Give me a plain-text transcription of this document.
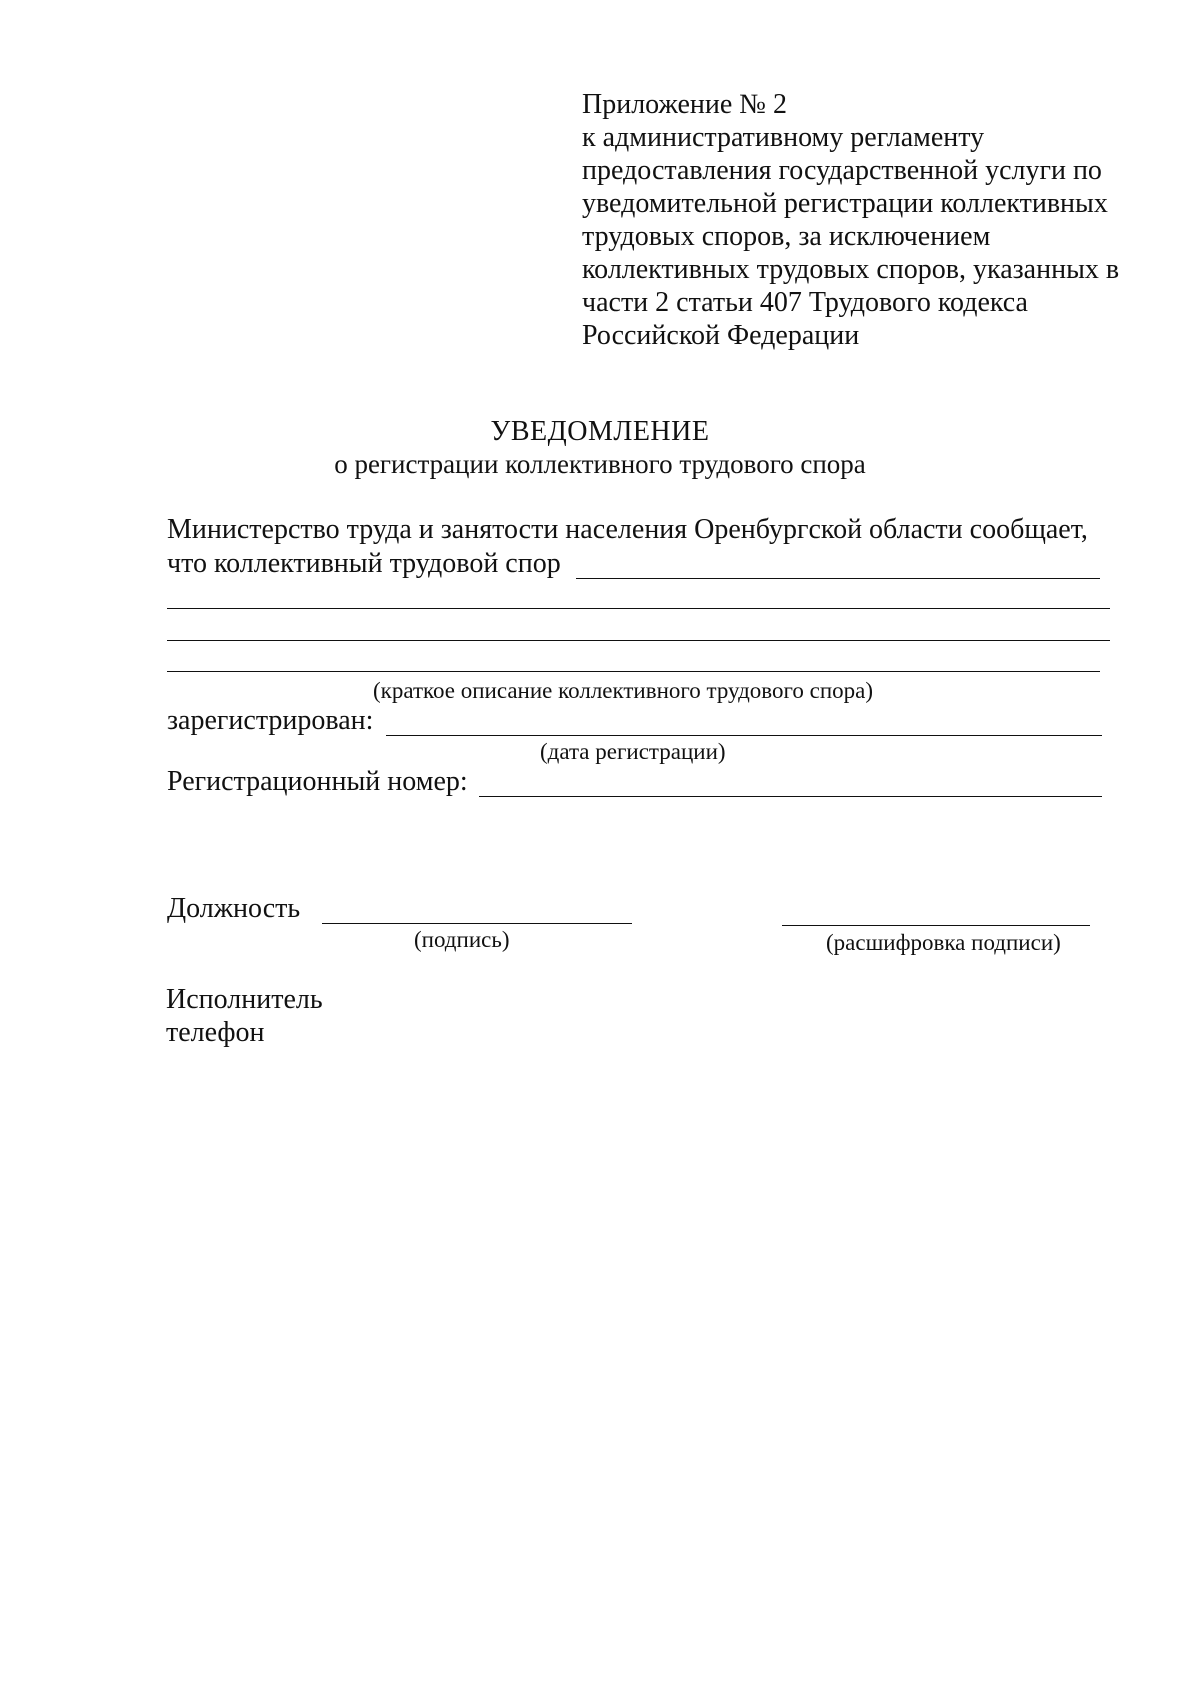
Приложение № 2
к административному регламенту
предоставления государственной услуги по
уведомительной регистрации коллективных
трудовых споров, за исключением
коллективных трудовых споров, указанных в
части 2 статьи 407 Трудового кодекса
Российской Федерации
УВЕДОМЛЕНИЕ
о регистрации коллективного трудового спора
Министерство труда и занятости населения Оренбургской области сообщает,
что коллективный трудовой спор
(краткое описание коллективного трудового спора)
зарегистрирован:
(дата регистрации)
Регистрационный номер:
Должность
(подпись)	(расшифровка подписи)
Исполнитель
телефон
